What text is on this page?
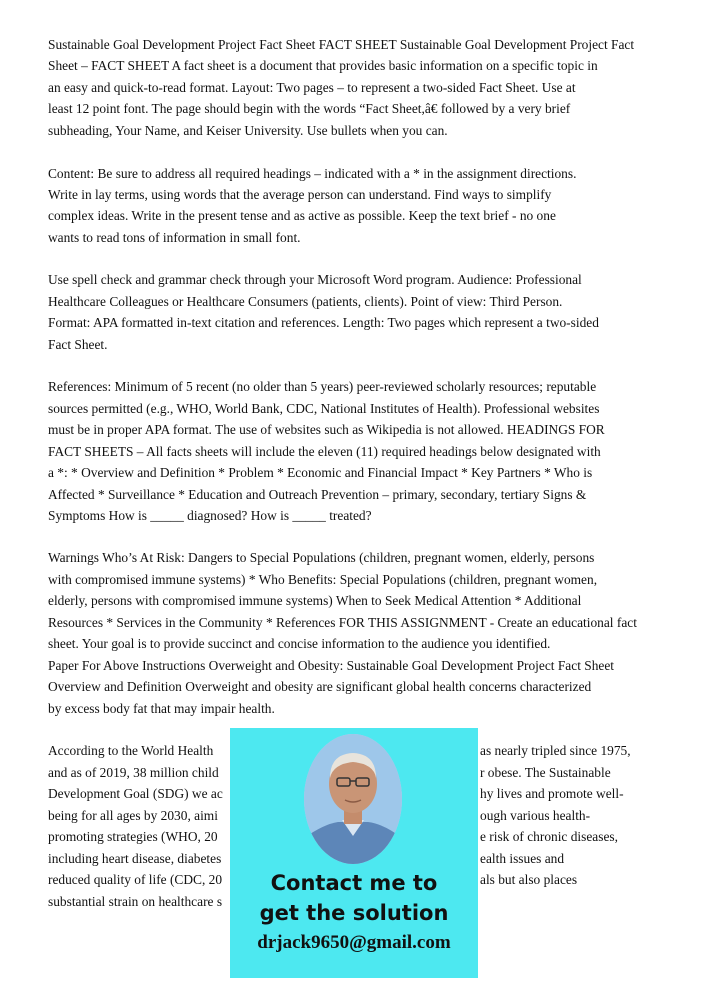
Sustainable Goal Development Project Fact Sheet FACT SHEET Sustainable Goal Development Project Fact
Sheet – FACT SHEET A fact sheet is a document that provides basic information on a specific topic in
an easy and quick-to-read format. Layout: Two pages – to represent a two-sided Fact Sheet. Use at
least 12 point font. The page should begin with the words “Fact Sheet,â€ followed by a very brief
subheading, Your Name, and Keiser University. Use bullets when you can.
Content: Be sure to address all required headings – indicated with a * in the assignment directions.
Write in lay terms, using words that the average person can understand. Find ways to simplify
complex ideas. Write in the present tense and as active as possible. Keep the text brief - no one
wants to read tons of information in small font.
Use spell check and grammar check through your Microsoft Word program. Audience: Professional
Healthcare Colleagues or Healthcare Consumers (patients, clients). Point of view: Third Person.
Format: APA formatted in-text citation and references. Length: Two pages which represent a two-sided
Fact Sheet.
References: Minimum of 5 recent (no older than 5 years) peer-reviewed scholarly resources; reputable
sources permitted (e.g., WHO, World Bank, CDC, National Institutes of Health). Professional websites
must be in proper APA format. The use of websites such as Wikipedia is not allowed. HEADINGS FOR
FACT SHEETS – All facts sheets will include the eleven (11) required headings below designated with
a *: * Overview and Definition * Problem * Economic and Financial Impact * Key Partners * Who is
Affected * Surveillance * Education and Outreach Prevention – primary, secondary, tertiary Signs &
Symptoms How is _____ diagnosed? How is _____ treated?
Warnings Who’s At Risk: Dangers to Special Populations (children, pregnant women, elderly, persons
with compromised immune systems) * Who Benefits: Special Populations (children, pregnant women,
elderly, persons with compromised immune systems) When to Seek Medical Attention * Additional
Resources * Services in the Community * References FOR THIS ASSIGNMENT - Create an educational fact
sheet. Your goal is to provide succinct and concise information to the audience you identified.
Paper For Above Instructions Overweight and Obesity: Sustainable Goal Development Project Fact Sheet
Overview and Definition Overweight and obesity are significant global health concerns characterized
by excess body fat that may impair health.
According to the World Health	as nearly tripled since 1975,
and as of 2019, 38 million child	r obese. The Sustainable
Development Goal (SDG) we ac	hy lives and promote well-
being for all ages by 2030, aimi	ough various health-
promoting strategies (WHO, 20	e risk of chronic diseases,
including heart disease, diabetes	ealth issues and
reduced quality of life (CDC, 20	als but also places
substantial strain on healthcare s
Contact me to
get the solution
drjack9650@gmail.com
